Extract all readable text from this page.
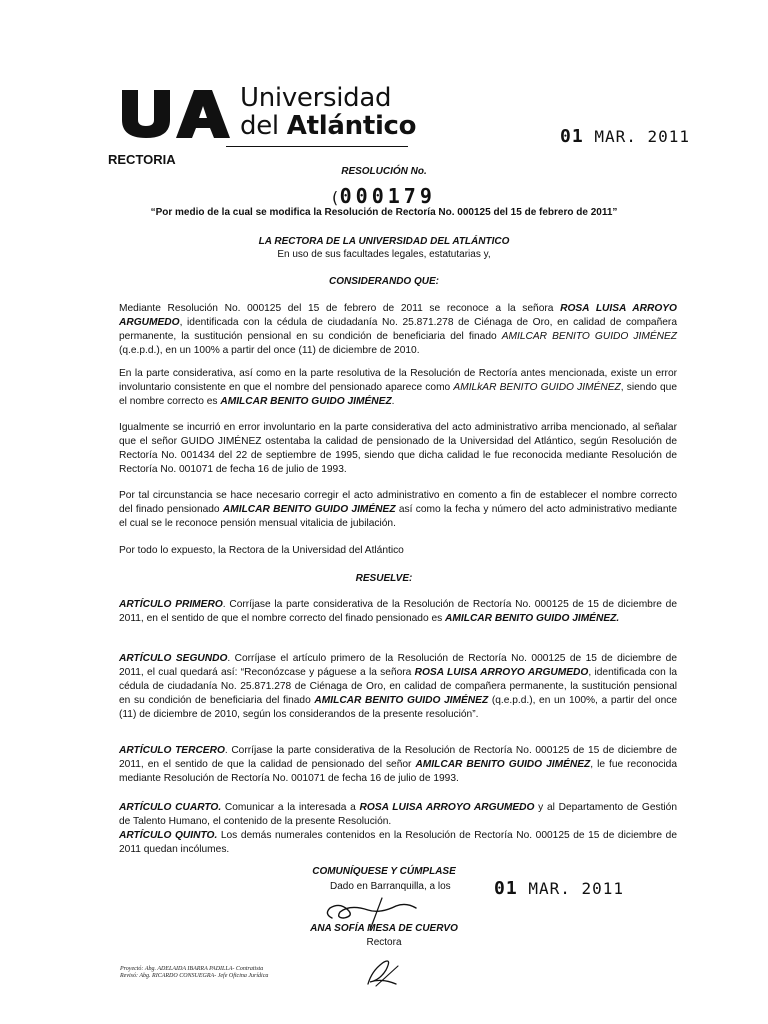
Universidad
del Atlántico	01 MAR. 2011
RECTORIA
RESOLUCIÓN No.
(000179
“Por medio de la cual se modifica la Resolución de Rectoría No. 000125 del 15 de febrero de 2011”
LA RECTORA DE LA UNIVERSIDAD DEL ATLÁNTICO
En uso de sus facultades legales, estatutarias y,
CONSIDERANDO QUE:
Mediante Resolución No. 000125 del 15 de febrero de 2011 se reconoce a la señora ROSA LUISA ARROYO ARGUMEDO, identificada con la cédula de ciudadanía No. 25.871.278 de Ciénaga de Oro, en calidad de compañera permanente, la sustitución pensional en su condición de beneficiaria del finado AMILCAR BENITO GUIDO JIMÉNEZ (q.e.p.d.), en un 100% a partir del once (11) de diciembre de 2010.
En la parte considerativa, así como en la parte resolutiva de la Resolución de Rectoría antes mencionada, existe un error involuntario consistente en que el nombre del pensionado aparece como AMILkAR BENITO GUIDO JIMÉNEZ, siendo que el nombre correcto es AMILCAR BENITO GUIDO JIMÉNEZ.
Igualmente se incurrió en error involuntario en la parte considerativa del acto administrativo arriba mencionado, al señalar que el señor GUIDO JIMÉNEZ ostentaba la calidad de pensionado de la Universidad del Atlántico, según Resolución de Rectoría No. 001434 del 22 de septiembre de 1995, siendo que dicha calidad le fue reconocida mediante Resolución de Rectoría No. 001071 de fecha 16 de julio de 1993.
Por tal circunstancia se hace necesario corregir el acto administrativo en comento a fin de establecer el nombre correcto del finado pensionado AMILCAR BENITO GUIDO JIMÉNEZ así como la fecha y número del acto administrativo mediante el cual se le reconoce pensión mensual vitalicia de jubilación.
Por todo lo expuesto, la Rectora de la Universidad del Atlántico
RESUELVE:
ARTÍCULO PRIMERO. Corríjase la parte considerativa de la Resolución de Rectoría No. 000125 de 15 de diciembre de 2011, en el sentido de que el nombre correcto del finado pensionado es AMILCAR BENITO GUIDO JIMÉNEZ.
ARTÍCULO SEGUNDO. Corríjase el artículo primero de la Resolución de Rectoría No. 000125 de 15 de diciembre de 2011, el cual quedará así: “Reconózcase y páguese a la señora ROSA LUISA ARROYO ARGUMEDO, identificada con la cédula de ciudadanía No. 25.871.278 de Ciénaga de Oro, en calidad de compañera permanente, la sustitución pensional en su condición de beneficiaria del finado AMILCAR BENITO GUIDO JIMÉNEZ (q.e.p.d.), en un 100%, a partir del once (11) de diciembre de 2010, según los considerandos de la presente resolución”.
ARTÍCULO TERCERO. Corríjase la parte considerativa de la Resolución de Rectoría No. 000125 de 15 de diciembre de 2011, en el sentido de que la calidad de pensionado del señor AMILCAR BENITO GUIDO JIMÉNEZ, le fue reconocida mediante Resolución de Rectoría No. 001071 de fecha 16 de julio de 1993.
ARTÍCULO CUARTO. Comunicar a la interesada a ROSA LUISA ARROYO ARGUMEDO y al Departamento de Gestión de Talento Humano, el contenido de la presente Resolución.
ARTÍCULO QUINTO. Los demás numerales contenidos en la Resolución de Rectoría No. 000125 de 15 de diciembre de 2011 quedan incólumes.
COMUNÍQUESE Y CÚMPLASE
Dado en Barranquilla, a los 01 MAR. 2011
ANA SOFÍA MESA DE CUERVO
Rectora
Proyectó: Abg. ADELAIDA IBARRA PADILLA- Contratista
Revisó: Abg. RICARDO CONSUEGRA- Jefe Oficina Jurídica
